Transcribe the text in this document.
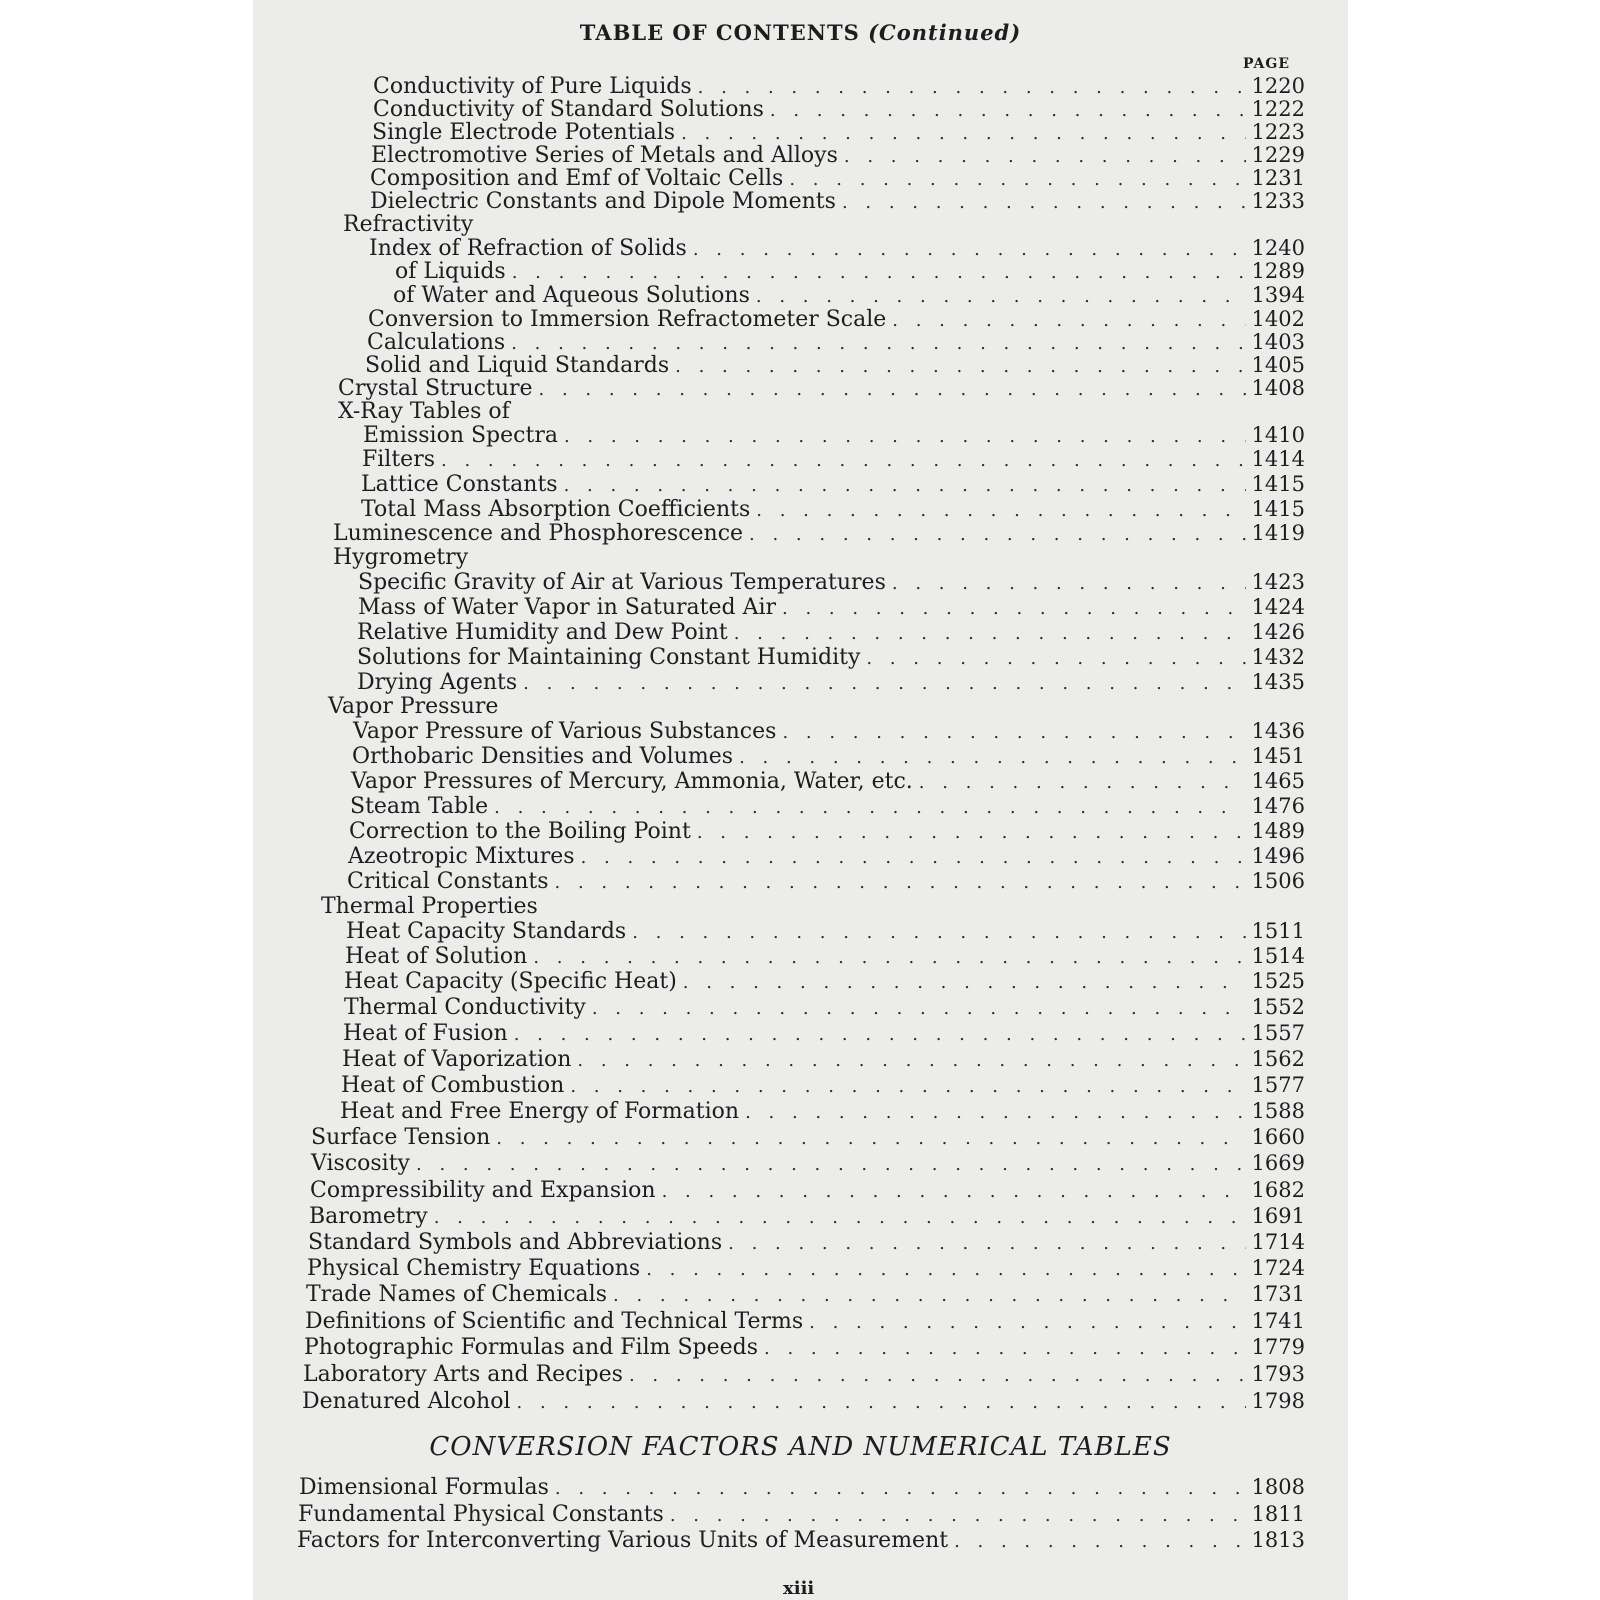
TABLE OF CONTENTS (Continued)
PAGE
Conductivity of Pure Liquids . . .	1220
Conductivity of Standard Solutions . . .	1222
Single Electrode Potentials . . .	1223
Electromotive Series of Metals and Alloys . . .	1229
Composition and Emf of Voltaic Cells . . .	1231
Dielectric Constants and Dipole Moments . . .	1233
Refractivity
Index of Refraction of Solids . . .	1240
of Liquids . . .	1289
of Water and Aqueous Solutions . . .	1394
Conversion to Immersion Refractometer Scale . . .	1402
Calculations . . .	1403
Solid and Liquid Standards . . .	1405
Crystal Structure . . .	1408
X-Ray Tables of
Emission Spectra . . .	1410
Filters . . .	1414
Lattice Constants . . .	1415
Total Mass Absorption Coefficients . . .	1415
Luminescence and Phosphorescence . . .	1419
Hygrometry
Specific Gravity of Air at Various Temperatures . . .	1423
Mass of Water Vapor in Saturated Air . . .	1424
Relative Humidity and Dew Point . . .	1426
Solutions for Maintaining Constant Humidity . . .	1432
Drying Agents . . .	1435
Vapor Pressure
Vapor Pressure of Various Substances . . .	1436
Orthobaric Densities and Volumes . . .	1451
Vapor Pressures of Mercury, Ammonia, Water, etc. . . .	1465
Steam Table . . .	1476
Correction to the Boiling Point . . .	1489
Azeotropic Mixtures . . .	1496
Critical Constants . . .	1506
Thermal Properties
Heat Capacity Standards . . .	1511
Heat of Solution . . .	1514
Heat Capacity (Specific Heat) . . .	1525
Thermal Conductivity . . .	1552
Heat of Fusion . . .	1557
Heat of Vaporization . . .	1562
Heat of Combustion . . .	1577
Heat and Free Energy of Formation . . .	1588
Surface Tension . . .	1660
Viscosity . . .	1669
Compressibility and Expansion . . .	1682
Barometry . . .	1691
Standard Symbols and Abbreviations . . .	1714
Physical Chemistry Equations . . .	1724
Trade Names of Chemicals . . .	1731
Definitions of Scientific and Technical Terms . . .	1741
Photographic Formulas and Film Speeds . . .	1779
Laboratory Arts and Recipes . . .	1793
Denatured Alcohol . . .	1798
Dimensional Formulas . . .	1808
Fundamental Physical Constants . . .	1811
Factors for Interconverting Various Units of Measurement . . .	1813
CONVERSION FACTORS AND NUMERICAL TABLES
xiii
